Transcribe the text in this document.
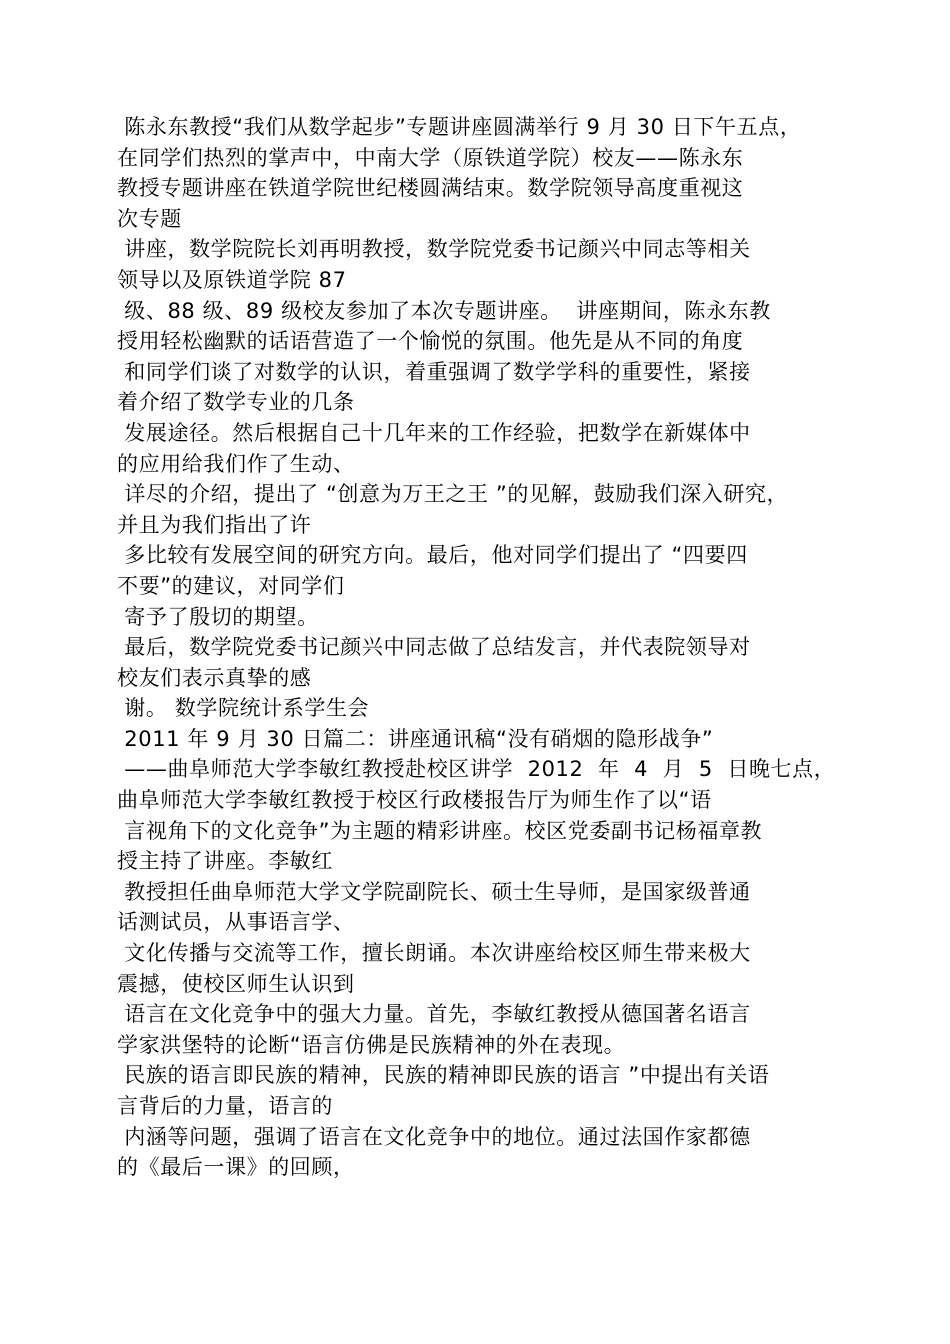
陈永东教授“我们从数学起步”专题讲座圆满举行 9 月 30 日下午五点，
在同学们热烈的掌声中，中南大学（原铁道学院）校友——陈永东
教授专题讲座在铁道学院世纪楼圆满结束。数学院领导高度重视这
次专题
讲座，数学院院长刘再明教授，数学院党委书记颜兴中同志等相关
领导以及原铁道学院 87
级、88 级、89 级校友参加了本次专题讲座。  讲座期间，陈永东教
授用轻松幽默的话语营造了一个愉悦的氛围。他先是从不同的角度
和同学们谈了对数学的认识，着重强调了数学学科的重要性，紧接
着介绍了数学专业的几条
发展途径。然后根据自己十几年来的工作经验，把数学在新媒体中
的应用给我们作了生动、
详尽的介绍，提出了 “创意为万王之王 ”的见解，鼓励我们深入研究，
并且为我们指出了许
多比较有发展空间的研究方向。最后，他对同学们提出了 “四要四
不要”的建议，对同学们
寄予了殷切的期望。
最后，数学院党委书记颜兴中同志做了总结发言，并代表院领导对
校友们表示真挚的感
谢。 数学院统计系学生会
2011 年 9 月 30 日篇二：讲座通讯稿“没有硝烟的隐形战争”
——曲阜师范大学李敏红教授赴校区讲学  2012  年  4  月  5  日晚七点，
曲阜师范大学李敏红教授于校区行政楼报告厅为师生作了以“语
言视角下的文化竞争”为主题的精彩讲座。校区党委副书记杨福章教
授主持了讲座。李敏红
教授担任曲阜师范大学文学院副院长、硕士生导师，是国家级普通
话测试员，从事语言学、
文化传播与交流等工作，擅长朗诵。本次讲座给校区师生带来极大
震撼，使校区师生认识到
语言在文化竞争中的强大力量。首先，李敏红教授从德国著名语言
学家洪堡特的论断“语言仿佛是民族精神的外在表现。
民族的语言即民族的精神，民族的精神即民族的语言 ”中提出有关语
言背后的力量，语言的
内涵等问题，强调了语言在文化竞争中的地位。通过法国作家都德
的《最后一课》的回顾，
